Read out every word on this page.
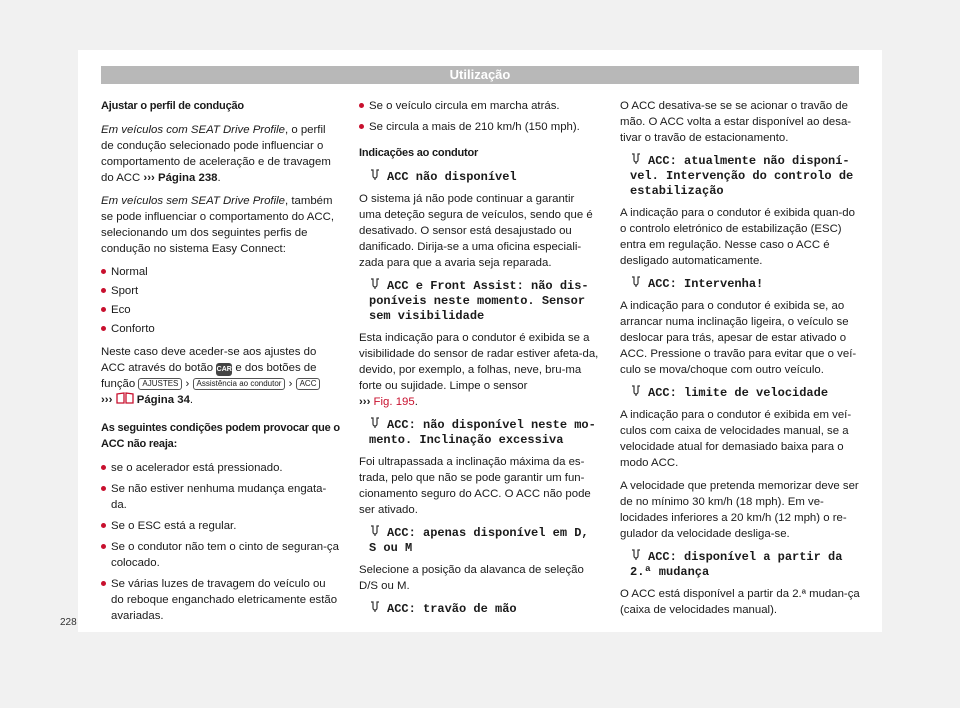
Utilização

Ajustar o perfil de condução

Em veículos com SEAT Drive Profile, o perfil de condução selecionado pode influenciar o comportamento de aceleração e de travagem do ACC ››› Página 238.

Em veículos sem SEAT Drive Profile, também se pode influenciar o comportamento do ACC, selecionando um dos seguintes perfis de condução no sistema Easy Connect:

Normal
Sport
Eco
Conforto

Neste caso deve aceder-se aos ajustes do ACC através do botão CAR e dos botões de função AJUSTES › Assistência ao condutor › ACC
›››  Página 34.

As seguintes condições podem provocar que o ACC não reaja:

se o acelerador está pressionado.
Se não estiver nenhuma mudança engata-da.
Se o ESC está a regular.
Se o condutor não tem o cinto de seguran-ça colocado.
Se várias luzes de travagem do veículo ou do reboque enganchado eletricamente estão avariadas.
Se o veículo circula em marcha atrás.
Se circula a mais de 210 km/h (150 mph).

Indicações ao condutor

ACC não disponível

O sistema já não pode continuar a garantir uma deteção segura de veículos, sendo que é desativado. O sensor está desajustado ou danificado. Dirija-se a uma oficina especiali-zada para que a avaria seja reparada.

ACC e Front Assist: não dis-poníveis neste momento. Sensor sem visibilidade

Esta indicação para o condutor é exibida se a visibilidade do sensor de radar estiver afeta-da, devido, por exemplo, a folhas, neve, bru-ma forte ou sujidade. Limpe o sensor
››› Fig. 195.

ACC: não disponível neste mo-mento. Inclinação excessiva

Foi ultrapassada a inclinação máxima da es-trada, pelo que não se pode garantir um fun-cionamento seguro do ACC. O ACC não pode ser ativado.

ACC: apenas disponível em D, S ou M

Selecione a posição da alavanca de seleção D/S ou M.

ACC: travão de mão

O ACC desativa-se se se acionar o travão de mão. O ACC volta a estar disponível ao desa-tivar o travão de estacionamento.

ACC: atualmente não disponí-vel. Intervenção do controlo de estabilização

A indicação para o condutor é exibida quan-do o controlo eletrónico de estabilização (ESC) entra em regulação. Nesse caso o ACC é desligado automaticamente.

ACC: Intervenha!

A indicação para o condutor é exibida se, ao arrancar numa inclinação ligeira, o veículo se deslocar para trás, apesar de estar ativado o ACC. Pressione o travão para evitar que o veí-culo se mova/choque com outro veículo.

ACC: limite de velocidade

A indicação para o condutor é exibida em veí-culos com caixa de velocidades manual, se a velocidade atual for demasiado baixa para o modo ACC.

A velocidade que pretenda memorizar deve ser de no mínimo 30 km/h (18 mph). Em ve-locidades inferiores a 20 km/h (12 mph) o re-gulador da velocidade desliga-se.

ACC: disponível a partir da 2.ª mudança

O ACC está disponível a partir da 2.ª mudan-ça (caixa de velocidades manual).

228
